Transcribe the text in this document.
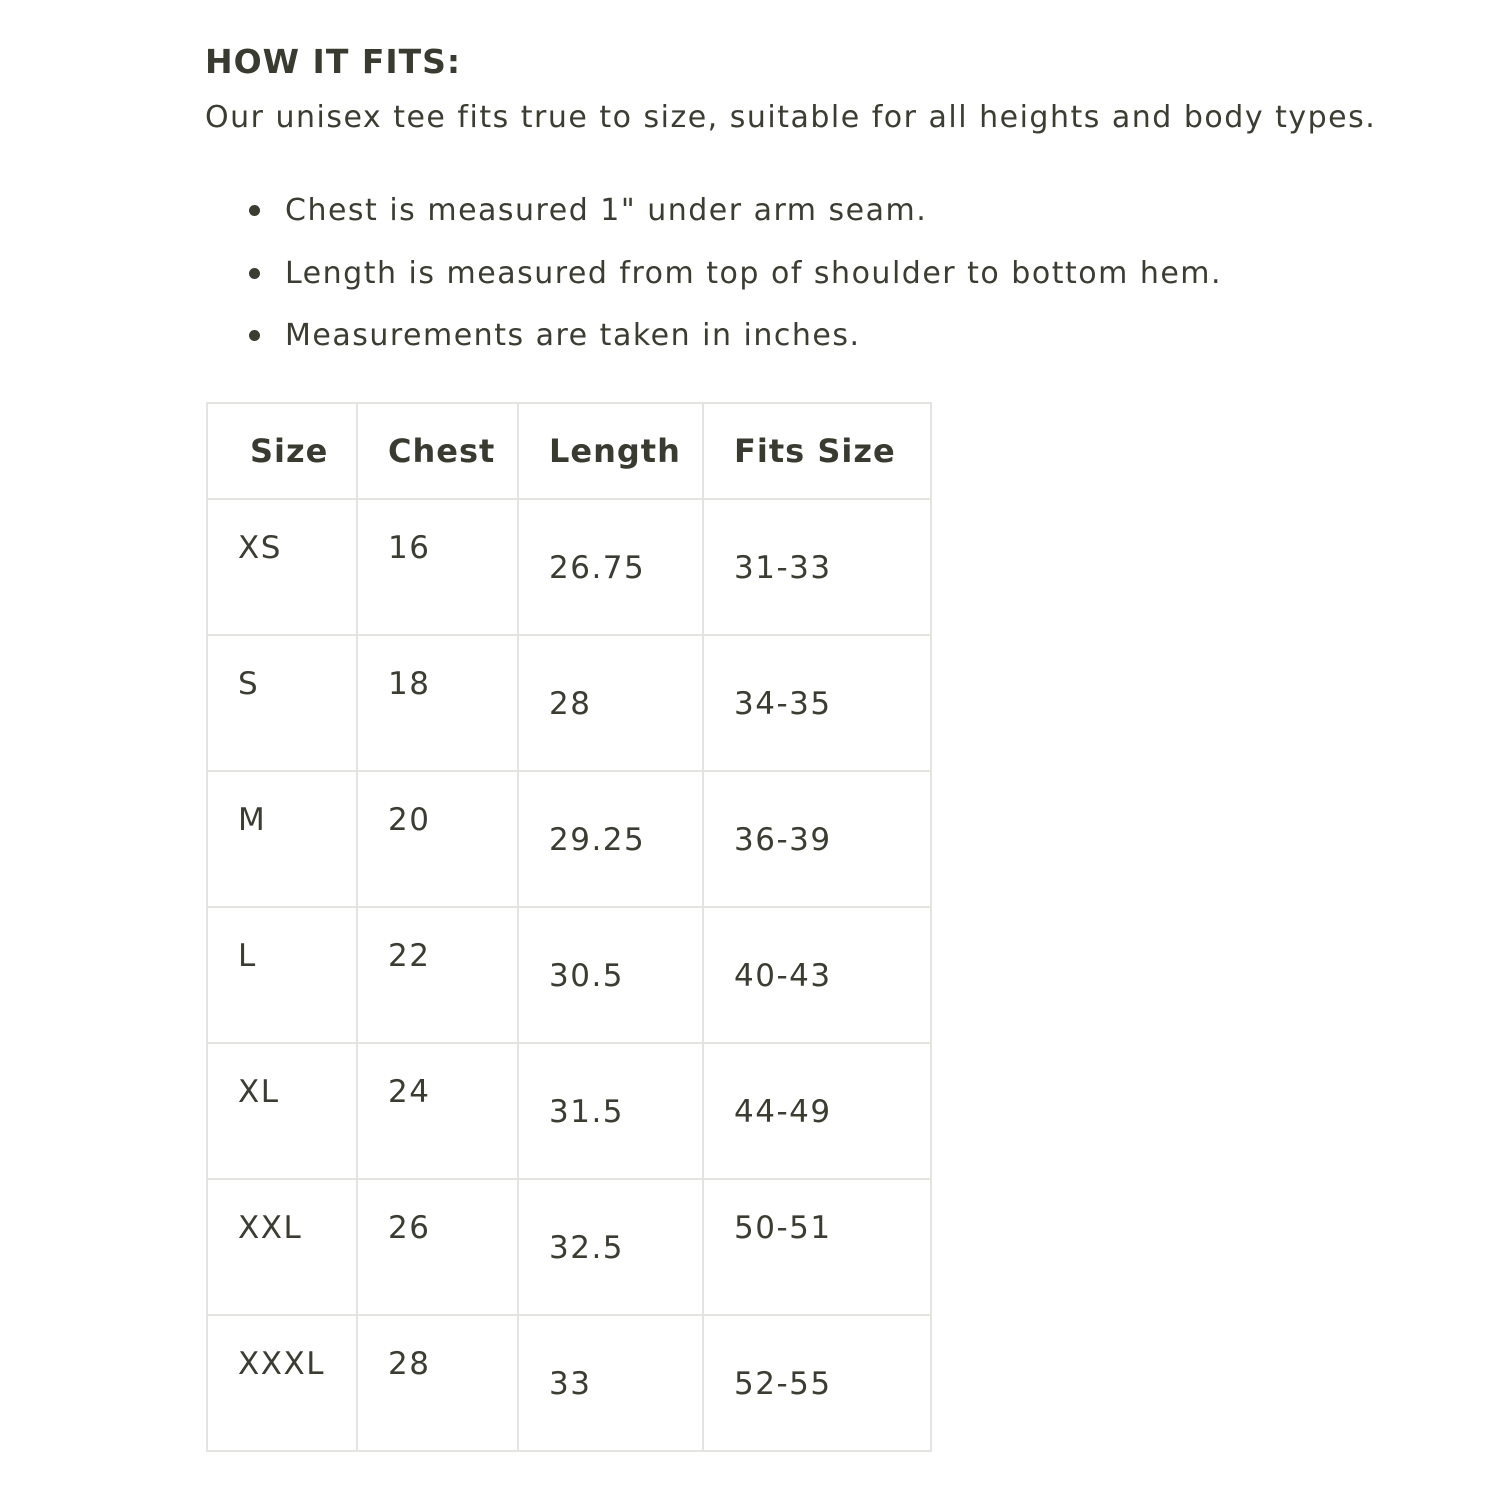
HOW IT FITS:

Our unisex tee fits true to size, suitable for all heights and body types.

Chest is measured 1" under arm seam.
Length is measured from top of shoulder to bottom hem.
Measurements are taken in inches.
Size	Chest	Length	Fits Size

XS	16	26.75	31-33

S	18	28	34-35

M	20	29.25	36-39

L	22	30.5	40-43

XL	24	31.5	44-49

XXL	26	32.5	50-51

XXXL	28	33	52-55
